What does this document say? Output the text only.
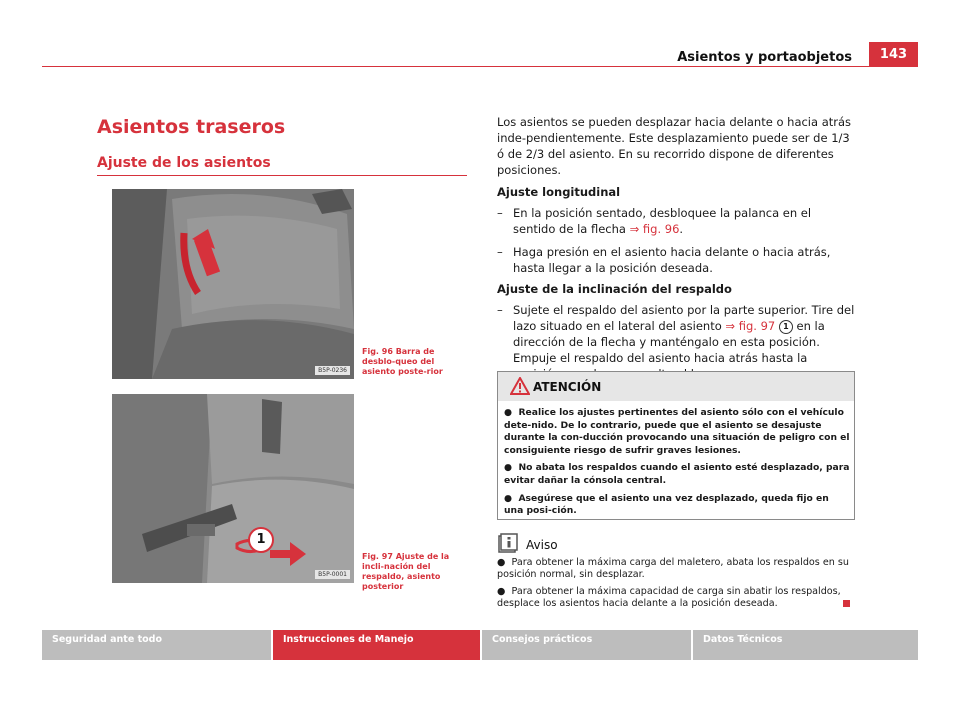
Asientos y portaobjetos	143
Asientos traseros
Ajuste de los asientos
B5P-0236
Fig. 96 Barra de desblo-queo del asiento poste-rior
1
B5P-0001
Fig. 97 Ajuste de la incli-nación del respaldo, asiento posterior

Los asientos se pueden desplazar hacia delante o hacia atrás inde-pendientemente. Este desplazamiento puede ser de 1/3 ó de 2/3 del asiento. En su recorrido dispone de diferentes posiciones.

Ajuste longitudinal

– En la posición sentado, desbloquee la palanca en el sentido de la flecha ⇒ fig. 96.

– Haga presión en el asiento hacia delante o hacia atrás, hasta llegar a la posición deseada.

Ajuste de la inclinación del respaldo

– Sujete el respaldo del asiento por la parte superior. Tire del lazo situado en el lateral del asiento ⇒ fig. 97 1 en la dirección de la flecha y manténgalo en esta posición. Empuje el respaldo del asiento hacia atrás hasta la

ATENCIÓN

● Realice los ajustes pertinentes del asiento sólo con el vehículo dete-nido. De lo contrario, puede que el asiento se desajuste durante la con-ducción provocando una situación de peligro con el consiguiente riesgo de sufrir graves lesiones.

● No abata los respaldos cuando el asiento esté desplazado, para evitar dañar la cónsola central.

● Asegúrese que el asiento una vez desplazado, queda fijo en una posi-ción.

Aviso

● Para obtener la máxima carga del maletero, abata los respaldos en su posición normal, sin desplazar.

● Para obtener la máxima capacidad de carga sin abatir los respaldos, desplace los asientos hacia delante a la posición deseada.

Seguridad ante todo	Instrucciones de Manejo	Consejos prácticos	Datos Técnicos
